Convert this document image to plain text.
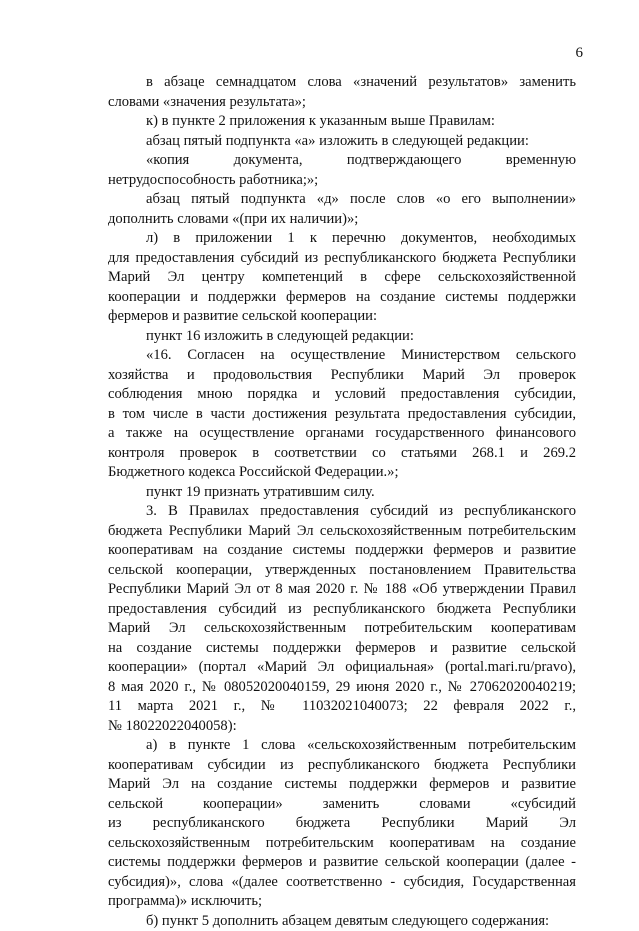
6
в абзаце семнадцатом слова «значений результатов» заменить
словами «значения результата»;
к) в пункте 2 приложения к указанным выше Правилам:
абзац пятый подпункта «а» изложить в следующей редакции:
«копия документа, подтверждающего временную
нетрудоспособность работника;»;
абзац пятый подпункта «д» после слов «о его выполнении»
дополнить словами «(при их наличии)»;
л) в приложении 1 к перечню документов, необходимых
для предоставления субсидий из республиканского бюджета Республики
Марий Эл центру компетенций в сфере сельскохозяйственной
кооперации и поддержки фермеров на создание системы поддержки
фермеров и развитие сельской кооперации:
пункт 16 изложить в следующей редакции:
«16. Согласен на осуществление Министерством сельского
хозяйства и продовольствия Республики Марий Эл проверок
соблюдения мною порядка и условий предоставления субсидии,
в том числе в части достижения результата предоставления субсидии,
а также на осуществление органами государственного финансового
контроля проверок в соответствии со статьями 268.1 и 269.2
Бюджетного кодекса Российской Федерации.»;
пункт 19 признать утратившим силу.
3. В Правилах предоставления субсидий из республиканского
бюджета Республики Марий Эл сельскохозяйственным потребительским
кооперативам на создание системы поддержки фермеров и развитие
сельской кооперации, утвержденных постановлением Правительства
Республики Марий Эл от 8 мая 2020 г. № 188 «Об утверждении Правил
предоставления субсидий из республиканского бюджета Республики
Марий Эл сельскохозяйственным потребительским кооперативам
на создание системы поддержки фермеров и развитие сельской
кооперации» (портал «Марий Эл официальная» (portal.mari.ru/pravo),
8 мая 2020 г., № 08052020040159, 29 июня 2020 г., № 27062020040219;
11 марта 2021 г., № 11032021040073; 22 февраля 2022 г.,
№ 18022022040058):
а) в пункте 1 слова «сельскохозяйственным потребительским
кооперативам субсидии из республиканского бюджета Республики
Марий Эл на создание системы поддержки фермеров и развитие
сельской кооперации» заменить словами «субсидий
из республиканского бюджета Республики Марий Эл
сельскохозяйственным потребительским кооперативам на создание
системы поддержки фермеров и развитие сельской кооперации (далее -
субсидия)», слова «(далее соответственно - субсидия, Государственная
программа)» исключить;
б) пункт 5 дополнить абзацем девятым следующего содержания:
